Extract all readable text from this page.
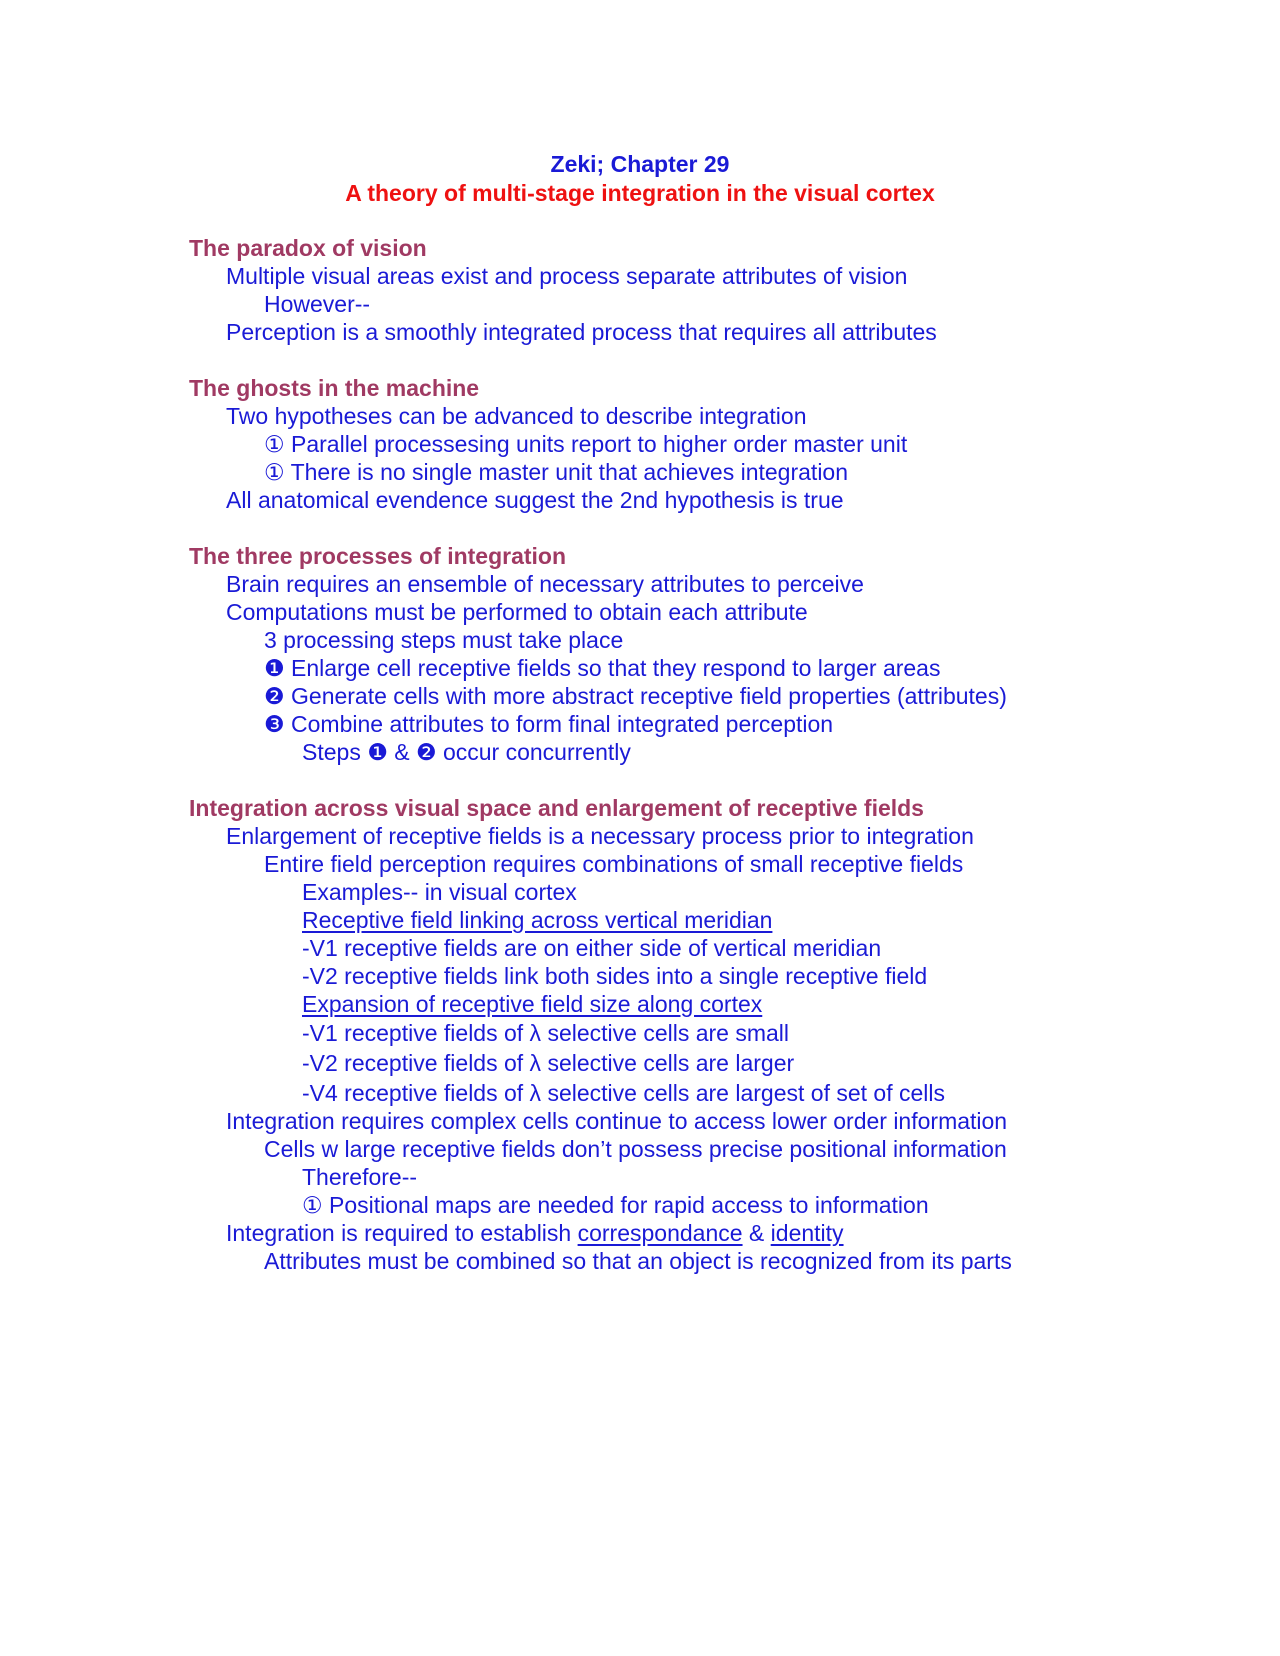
Zeki; Chapter 29
A theory of multi-stage integration in the visual cortex
The paradox of vision
Multiple visual areas exist and process separate attributes of vision
However--
Perception is a smoothly integrated process that requires all attributes
The ghosts in the machine
Two hypotheses can be advanced to describe integration
① Parallel processesing units report to higher order master unit
① There is no single master unit that achieves integration
All anatomical evendence suggest the 2nd hypothesis is true
The three processes of integration
Brain requires an ensemble of necessary attributes to perceive
Computations must be performed to obtain each attribute
3 processing steps must take place
❶ Enlarge cell receptive fields so that they respond to larger areas
❷ Generate cells with more abstract receptive field properties (attributes)
❸ Combine attributes to form final integrated perception
Steps ❶ & ❷ occur concurrently
Integration across visual space and enlargement of receptive fields
Enlargement of receptive fields is a necessary process prior to integration
Entire field perception requires combinations of small receptive fields
Examples-- in visual cortex
Receptive field linking across vertical meridian
-V1 receptive fields are on either side of vertical meridian
-V2 receptive fields link both sides into a single receptive field
Expansion of receptive field size along cortex
-V1 receptive fields of λ selective cells are small
-V2 receptive fields of λ selective cells are larger
-V4 receptive fields of λ selective cells are largest of set of cells
Integration requires complex cells continue to access lower order information
Cells w large receptive fields don’t possess precise positional information
Therefore--
① Positional maps are needed for rapid access to information
Integration is required to establish correspondance & identity
Attributes must be combined so that an object is recognized from its parts
